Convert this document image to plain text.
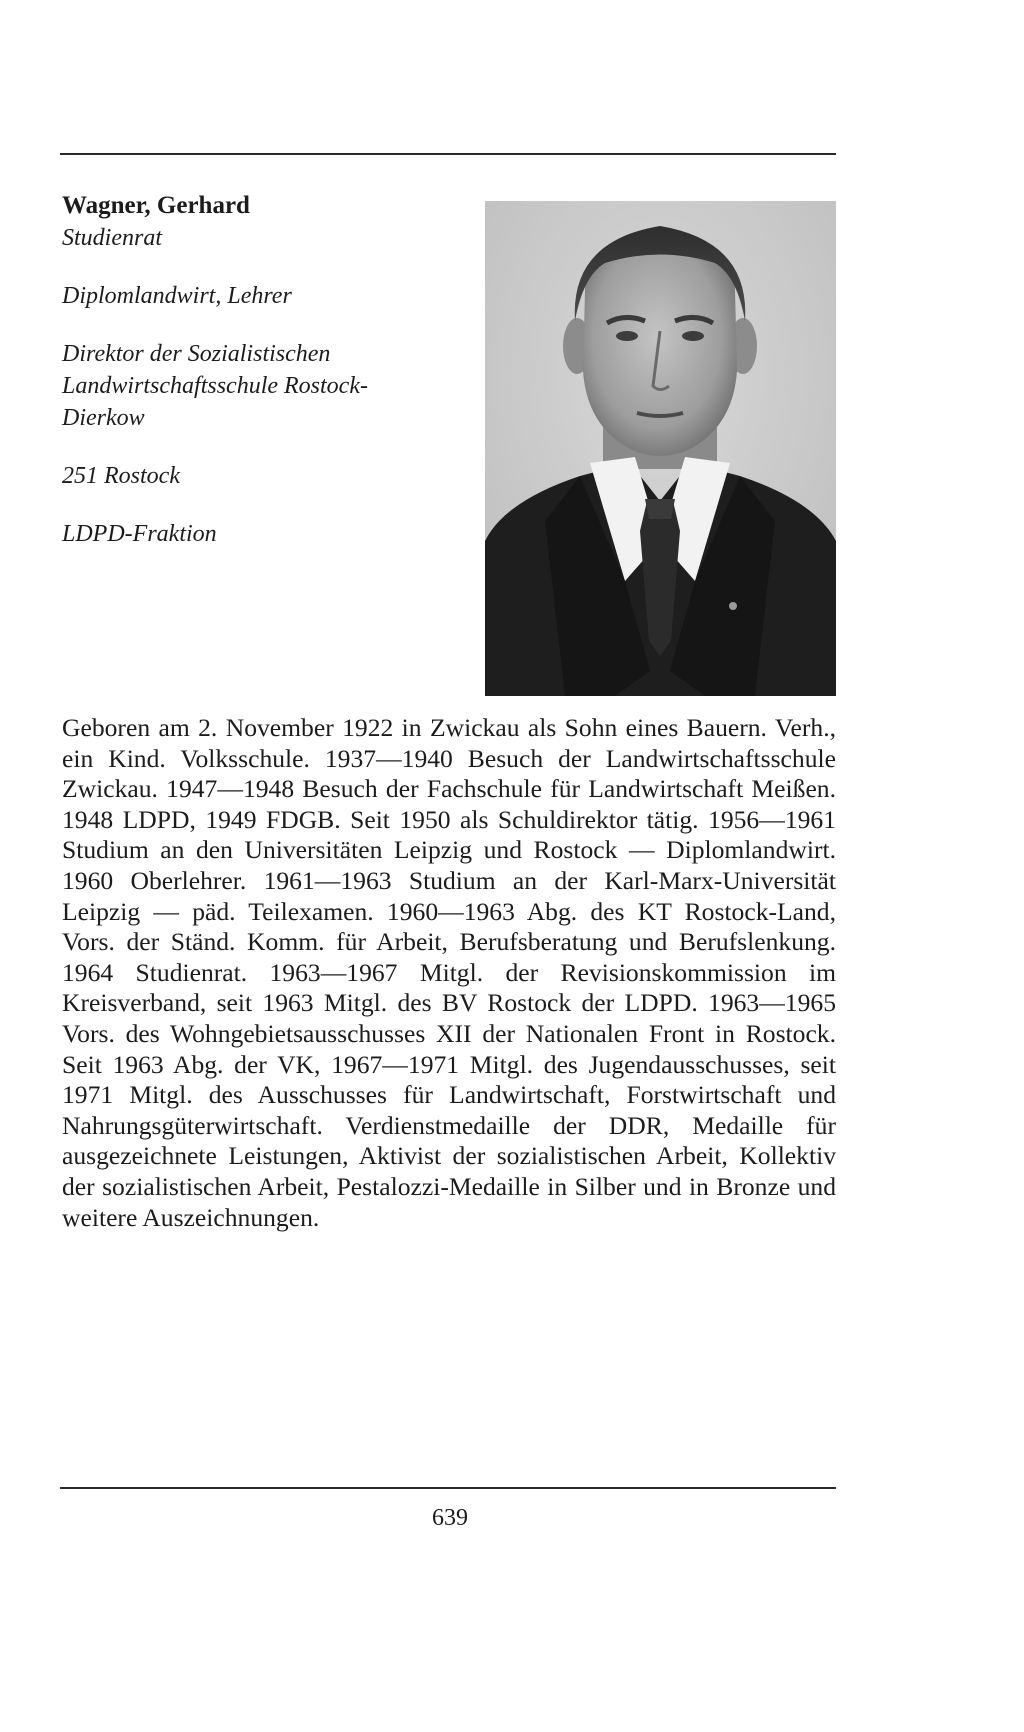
Wagner, Gerhard

Studienrat

Diplomlandwirt, Lehrer

Direktor der Sozialistischen

Landwirtschaftsschule Rostock-

Dierkow

251 Rostock

LDPD-Fraktion

Geboren am 2. November 1922 in Zwickau als Sohn eines Bauern. Verh., ein Kind. Volksschule. 1937—1940 Besuch der Landwirtschaftsschule Zwickau. 1947—1948 Besuch der Fachschule für Landwirtschaft Meißen. 1948 LDPD, 1949 FDGB. Seit 1950 als Schuldirektor tätig. 1956—1961 Studium an den Universitäten Leipzig und Rostock — Diplomlandwirt. 1960 Oberlehrer. 1961—1963 Studium an der Karl-Marx-Universität Leipzig — päd. Teilexamen. 1960—1963 Abg. des KT Rostock-Land, Vors. der Ständ. Komm. für Arbeit, Berufsberatung und Berufslenkung. 1964 Studienrat. 1963—1967 Mitgl. der Revisionskommission im Kreisverband, seit 1963 Mitgl. des BV Rostock der LDPD. 1963—1965 Vors. des Wohngebietsausschusses XII der Nationalen Front in Rostock. Seit 1963 Abg. der VK, 1967—1971 Mitgl. des Jugendausschusses, seit 1971 Mitgl. des Ausschusses für Landwirtschaft, Forstwirtschaft und Nahrungsgüterwirtschaft. Verdienstmedaille der DDR, Medaille für ausgezeichnete Leistungen, Aktivist der sozialistischen Arbeit, Kollektiv der sozialistischen Arbeit, Pestalozzi-Medaille in Silber und in Bronze und weitere Auszeichnungen.

639
